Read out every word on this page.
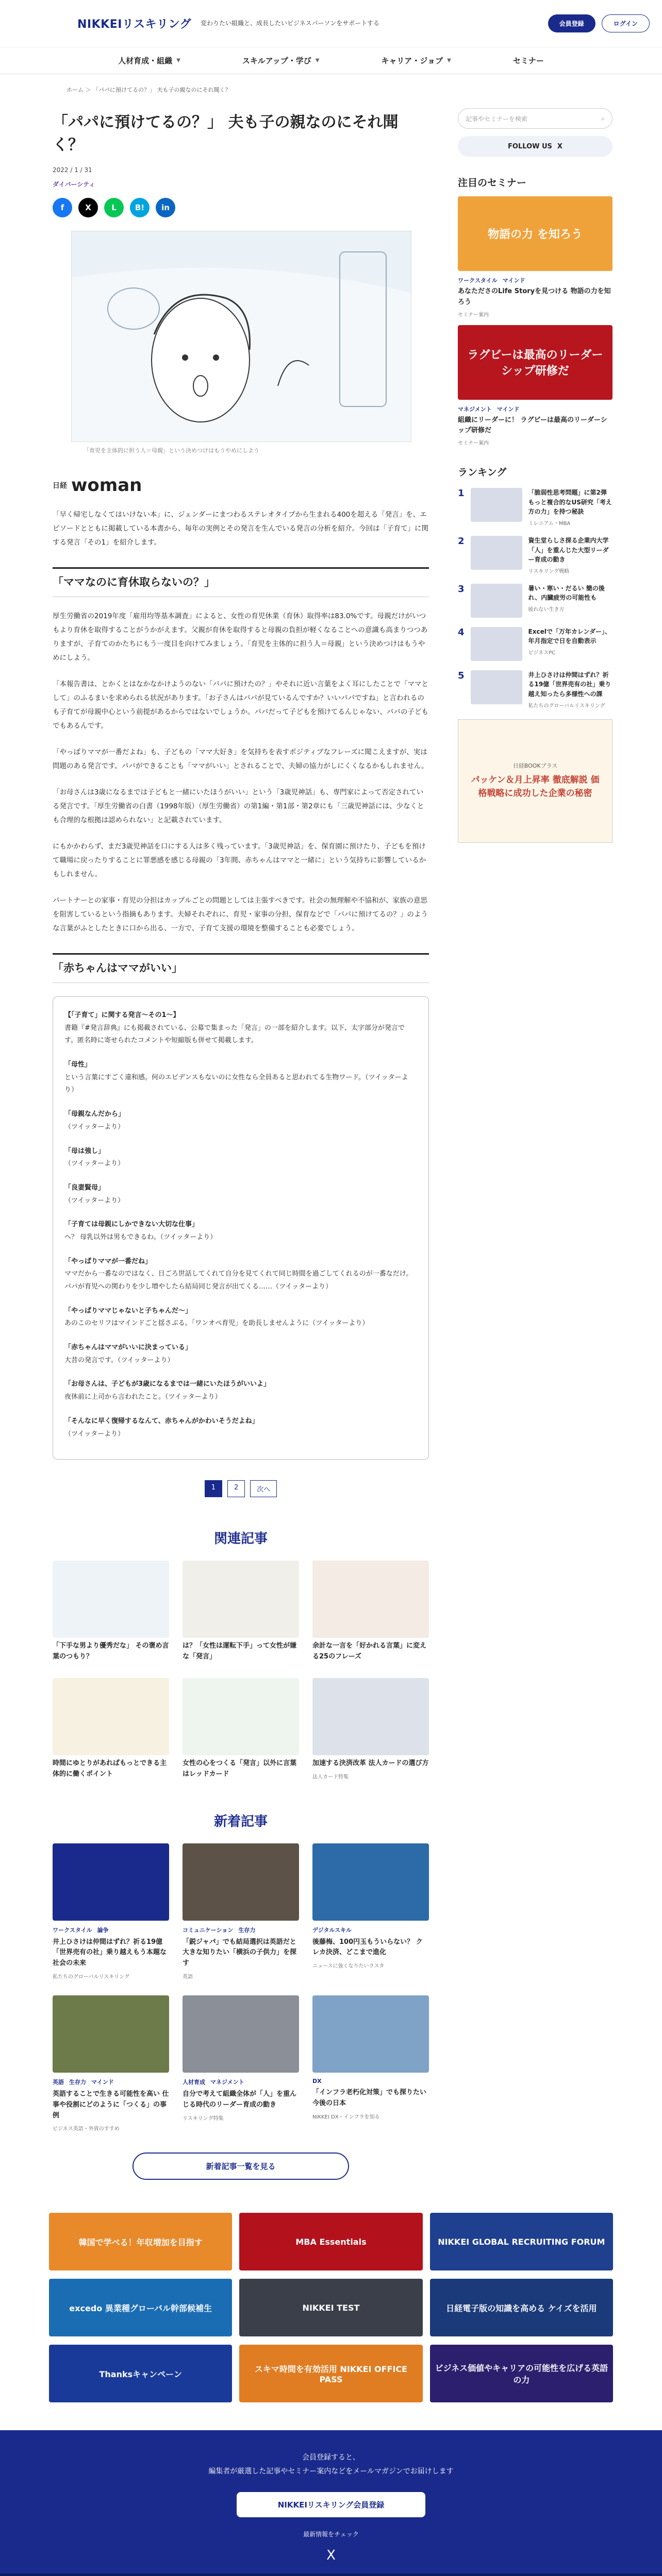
NIKKEIリスキリング 変わりたい組織と、成長したいビジネスパーソンをサポートする	会員登録	ログイン
人材育成・組織 ▼	スキルアップ・学び ▼	キャリア・ジョブ ▼	セミナー
ホーム ＞ 「パパに預けてるの？」 夫も子の親なのにそれ聞く？
「パパに預けてるの？」 夫も子の親なのにそれ聞く？
2022 / 1 / 31
ダイバーシティ
f	X	L	B!	in
「育児を主体的に担う人＝母親」という決めつけはもうやめにしよう
日経 woman

「早く帰宅しなくてはいけない本」に、ジェンダーにまつわるステレオタイプから生まれる400を超える「発言」を、エピソードとともに掲載している本書から、毎年の実例とその発言を生んでいる発言の分析を紹介。今回は「子育て」に関する発言「その1」を紹介します。

「ママなのに育休取らないの？」

厚生労働省の2019年度「雇用均等基本調査」によると、女性の育児休業（育休）取得率は83.0%です。母親だけがいつもより育休を取得することがうかがえます。父親が育休を取得すると母親の負担が軽くなることへの意識も高まりつつありますが、子育てのかたちにもう一度目を向けてみましょう。「育児を主体的に担う人＝母親」という決めつけはもうやめにしよう。

「本報告書は、とかくとはなかなかけようのない「パパに預けたの？」やそれに近い言葉をよく耳にしたことで「ママとして」のふるまいを求められる状況があります。「お子さんはパパが見ているんですか？いいパパですね」と言われるのも子育てが母親中心という前提があるからではないでしょうか。パパだって子どもを預けてるんじゃない、パパの子どもでもあるんです。

「やっぱりママが一番だよね」も、子どもの「ママ大好き」を気持ちを表すポジティブなフレーズに聞こえますが、実は問題のある発言です。パパができることも「ママがいい」とされることで、夫婦の協力がしにくくなるかもしれません。

「お母さんは3歳になるまでは子どもと一緒にいたほうがいい」という「3歳児神話」も、専門家によって否定されている発言です。「厚生労働省の白書（1998年版）（厚生労働省）の第1編・第1部・第2章にも「三歳児神話には、少なくとも合理的な根拠は認められない」と記載されています。

にもかかわらず、まだ3歳児神話を口にする人は多く残っています。「3歳児神話」を、保育園に預けたり、子どもを預けて職場に戻ったりすることに罪悪感を感じる母親の「3年間、赤ちゃんはママと一緒に」という気持ちに影響しているかもしれません。

パートナーとの家事・育児の分担はカップルごとの問題としては主張すべきです。社会の無理解や不協和が、家族の意思を阻害しているという指摘もあります。夫婦それぞれに、育児・家事の分担、保育などで「パパに預けてるの？」のような言葉がふとしたときに口から出る、一方で、子育て支援の環境を整備することも必要でしょう。

「赤ちゃんはママがいい」
【「子育て」に関する発言〜その1〜】
書籍『#発言辞典』にも掲載されている、公募で集まった「発言」の一部を紹介します。以下、太字部分が発言です。匿名時に寄せられたコメントや短縮版も併せて掲載します。
「母性」
という言葉にすごく違和感。何のエビデンスもないのに女性なら全員あると思われてる生物ワード。（ツイッターより）
「母親なんだから」
（ツイッターより）
「母は強し」
（ツイッターより）
「良妻賢母」
（ツイッターより）
「子育ては母親にしかできない大切な仕事」
へ？ 母乳以外は男もできるわ。（ツイッターより）
「やっぱりママが一番だね」
ママだから一番なのではなく、日ごろ世話してくれて自分を見てくれて同じ時間を過ごしてくれるのが一番なだけ。パパが育児への関わりを少し増やしたら結局同じ発言が出てくる……（ツイッターより）
「やっぱりママじゃないと子ちゃんだ～」
あのこのセリフはマインドごと揺さぶる。「ワンオペ育児」を助長しませんように（ツイッターより）
「赤ちゃんはママがいいに決まっている」
大昔の発言です。（ツイッターより）
「お母さんは、子どもが3歳になるまでは一緒にいたほうがいいよ」
夜休前に上司から言われたこと。（ツイッターより）
「そんなに早く復帰するなんて、赤ちゃんがかわいそうだよね」
（ツイッターより）
1	2	次へ
関連記事
「下手な男より優秀だな」 その褒め言葉のつもり？
は？「女性は運転下手」って女性が嫌な「発言」
余計な一言を「好かれる言葉」に変える25のフレーズ
時間にゆとりがあればもっとできる主体的に働くポイント
女性の心をつくる「発言」以外に言葉はレッドカード
加速する決済改革 法人カードの選び方
法人カード特集
新着記事
ワークスタイル 論争
井上ひさけは仲間はずれ？祈る19億「世界売有の社」乗り越えもう本題な社会の未来
私たちのグローバルリスキリング
コミュニケーション 生存力
「鋭ジャパ」でも結局選択は英語だと大きな知りたい「横浜の子供力」を探す
英語
デジタルスキル
後藤梅、100円玉もういらない？ クレカ決済、どこまで進化
ニュースに強くなりたいラスタ
英語 生存力 マインド
英語することで生きる可能性を高い 仕事や役割にどのように「つくる」の事例
ビジネス英語・外資のすすめ
人材育成 マネジメント
自分で考えて組織全体が「人」を重んじる時代のリーダー育成の動き
リスキリング特集
DX
「インフラ老朽化対策」でも探りたい今後の日本
NIKKEI DX・インフラを知る
新着記事一覧を見る
記事やセミナーを検索	⌕
FOLLOW US X
注目のセミナー
物語の力 を知ろう
ワークスタイル マインド
あなたださのLife Storyを見つける 物語の力を知ろう
セミナー案内
ラグビーは最高のリーダーシップ研修だ
マネジメント マインド
組織にリーダーに！ ラグビーは最高のリーダーシップ研修だ
セミナー案内
ランキング
1	「脆弱性思考問題」に第2弾 もっと複合的なUS研究「考え方の力」を持つ秘訣
ミレニアム・MBA
2	資生堂らしさ探る企業内大学「人」を重んじた大型リーダー育成の動き
リスキリング戦略
3	暑い・寒い・だるい 簡の後れ、内臓疲労の可能性も
疲れない生き方
4	Excelで「万年カレンダー」、年月指定で日を自動表示
ビジネスPC
5	井上ひさけは仲間はずれ？祈る19億「世界売有の社」乗り越え知ったら多様性への課
私たちのグローバルリスキリング
日経BOOKプラス
パッケン＆月上昇率 徹底解説 価格戦略に成功した企業の秘密
韓国で学べる！年収増加を目指す	MBA Essentials	NIKKEI GLOBAL RECRUITING FORUM
excedo 異業種グローバル幹部候補生	NIKKEI TEST	日経電子版の知識を高める ケイズを活用
Thanksキャンペーン	スキマ時間を有効活用 NIKKEI OFFICE PASS
ビジネス価値やキャリアの可能性を広げる英語の力
会員登録すると、
編集者が厳選した記事やセミナー案内などをメールマガジンでお届けします
NIKKEIリスキリング会員登録
最新情報をチェック
X
